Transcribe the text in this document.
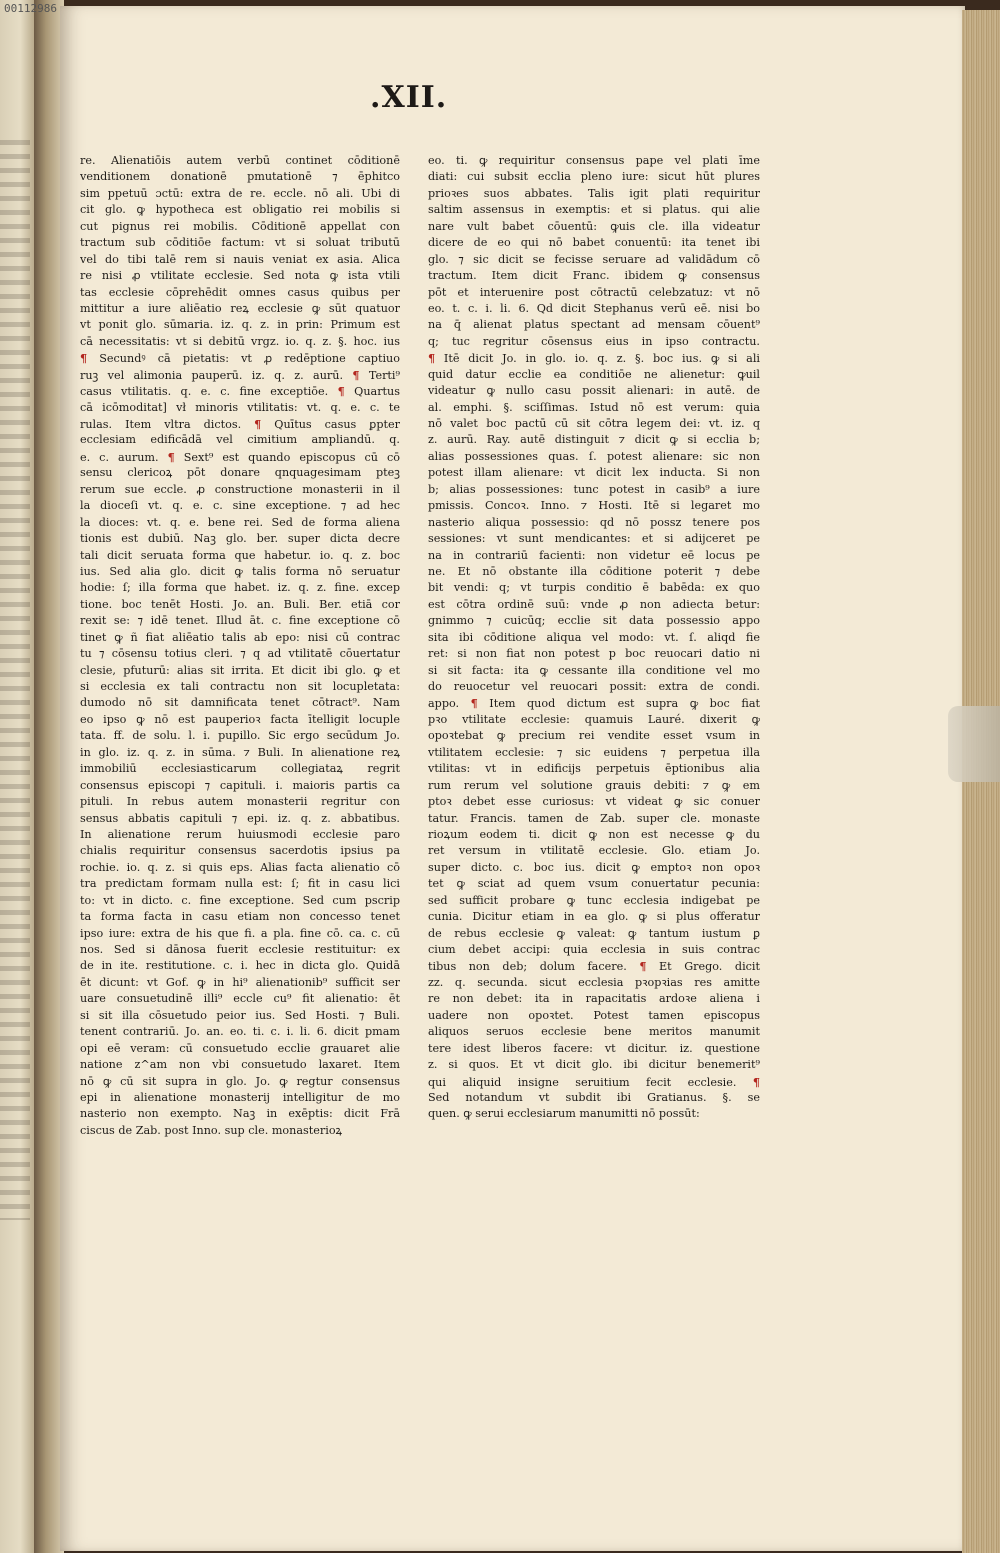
00112986
.XII.
re. Alienatiōis autem verbū continet cōditionē
venditionem donationē pmutationē ⁊ ēphitco
sim ppetuū ɔctū: extra de re. eccle. nō ali. Ubi di
cit glo. ꝙ hypotheca est obligatio rei mobilis si
cut pignus rei mobilis. Cōditionē appellat con
tractum sub cōditiōe factum: vt si soluat tributū
vel do tibi talē rem si nauis veniat ex asia. Alica
re nisi ꝓ vtilitate ecclesie. Sed nota ꝙ ista vtili
tas ecclesie cōprehēdit omnes casus quibus per
mittitur a iure aliēatio reꝝ ecclesie ꝙ sūt quatuor
vt ponit glo. sūmaria. iz. q. z. in prin: Primum est
cā necessitatis: vt si debitū vrgz. io. q. z. §. hoc. ius
¶ Secundꝰ cā pietatis: vt ꝓ redēptione captiuo
ruꝫ vel alimonia pauperū. iz. q. z. aurū. ¶ Terti⁹
casus vtilitatis. q. e. c. fine exceptiōe. ¶ Quartus
cā icōmoditat] vł minoris vtilitatis: vt. q. e. c. te
rulas. Item vltra dictos. ¶ Quītus casus ꝑpter
ecclesiam edificādā vel cimitium ampliandū. q.
e. c. aurum. ¶ Sext⁹ est quando episcopus cū cō
sensu clericoꝝ pōt donare qnquagesimam pteꝫ
rerum sue eccle. ꝓ constructione monasterii in il
la dioceſi vt. q. e. c. sine exceptione. ⁊ ad hec
la dioces: vt. q. e. bene rei. Sed de forma aliena
tionis est dubiū. Naꝫ glo. ber. super dicta decre
tali dicit seruata forma que habetur. io. q. z. boc
ius. Sed alia glo. dicit ꝙ talis forma nō seruatur
hodie: ſ; illa forma que habet. iz. q. z. fine. excep
tione. boc tenēt Hosti. Jo. an. Buli. Ber. etiā cor
rexit se: ⁊ idē tenet. Illud āt. c. fine exceptione cō
tinet ꝙ ñ fiat aliēatio talis ab epo: nisi cū contrac
tu ⁊ cōsensu totius cleri. ⁊ q ad vtilitatē cōuertatur
clesie, pfuturū: alias sit irrita. Et dicit ibi glo. ꝙ et
si ecclesia ex tali contractu non sit locupletata:
dumodo nō sit damnificata tenet cōtract⁹. Nam
eo ipso ꝙ nō est pauperioꝛ facta ītelligit locuple
tata. ff. de solu. l. i. pupillo. Sic ergo secūdum Jo.
in glo. iz. q. z. in sūma. ⁊ Buli. In alienatione reꝝ
immobiliū ecclesiasticarum collegiataꝝ regrit
consensus episcopi ⁊ capituli. i. maioris partis ca
pituli. In rebus autem monasterii regritur con
sensus abbatis capituli ⁊ epi. iz. q. z. abbatibus.
In alienatione rerum huiusmodi ecclesie paro
chialis requiritur consensus sacerdotis ipsius pa
rochie. io. q. z. si quis eps. Alias facta alienatio cō
tra predictam formam nulla est: ſ; fit in casu lici
to: vt in dicto. c. fine exceptione. Sed cum pscrip
ta forma facta in casu etiam non concesso tenet
ipso iure: extra de his que fi. a pla. fine cō. ca. c. cū
nos. Sed si dānosa fuerit ecclesie restituitur: ex
de in ite. restitutione. c. i. hec in dicta glo. Quidā
ēt dicunt: vt Gof. ꝙ in hi⁹ alienationib⁹ sufficit ser
uare consuetudinē illi⁹ eccle cu⁹ fit alienatio: ēt
si sit illa cōsuetudo peior ius. Sed Hosti. ⁊ Buli.
tenent contrariū. Jo. an. eo. ti. c. i. li. 6. dicit pmam
opi eē veram: cū consuetudo ecclie grauaret alie
natione z^am non vbi consuetudo laxaret. Item
nō ꝙ cū sit supra in glo. Jo. ꝙ regtur consensus
epi in alienatione monasterij intelligitur de mo
nasterio non exempto. Naꝫ in exēptis: dicit Frā
ciscus de Zab. post Inno. sup cle. monasterioꝝ
eo. ti. ꝙ requiritur consensus pape vel plati īme
diati: cui subsit ecclia pleno iure: sicut hūt plures
prioꝛes suos abbates. Talis igit plati requiritur
saltim assensus in exemptis: et si platus. qui alie
nare vult babet cōuentū: ꝙuis cle. illa videatur
dicere de eo qui nō babet conuentū: ita tenet ibi
glo. ⁊ sic dicit se fecisse seruare ad validādum cō
tractum. Item dicit Franc. ibidem ꝙ consensus
pōt et interuenire post cōtractū celebzatuz: vt nō
eo. t. c. i. li. 6. Qd dicit Stephanus verū eē. nisi bo
na q̄ alienat platus spectant ad mensam cōuent⁹
q; tuc regritur cōsensus eius in ipso contractu.
¶ Itē dicit Jo. in glo. io. q. z. §. boc ius. ꝙ si ali
quid datur ecclie ea conditiōe ne alienetur: ꝙuil
videatur ꝙ nullo casu possit alienari: in autē. de
al. emphi. §. sciſſimas. Istud nō est verum: quia
nō valet boc pactū cū sit cōtra legem dei: vt. iz. q
z. aurū. Ray. autē distinguit ⁊ dicit ꝙ si ecclia b;
alias possessiones quas. ſ. potest alienare: sic non
potest illam alienare: vt dicit lex inducta. Si non
b; alias possessiones: tunc potest in casib⁹ a iure
pmissis. Concoꝛ. Inno. ⁊ Hosti. Itē si legaret mo
nasterio aliqua possessio: qd nō possz tenere pos
sessiones: vt sunt mendicantes: et si adijceret pe
na in contrariū facienti: non videtur eē locus pe
ne. Et nō obstante illa cōditione poterit ⁊ debe
bit vendi: q; vt turpis conditio ē babēda: ex quo
est cōtra ordinē suū: vnde ꝓ non adiecta betur:
gnimmo ⁊ cuicūq; ecclie sit data possessio appo
sita ibi cōditione aliqua vel modo: vt. ſ. aliqd fie
ret: si non fiat non potest p boc reuocari datio ni
si sit facta: ita ꝙ cessante illa conditione vel mo
do reuocetur vel reuocari possit: extra de condi.
appo. ¶ Item quod dictum est supra ꝙ boc fiat
pꝛo vtilitate ecclesie: quamuis Lauré. dixerit ꝙ
opoꝛtebat ꝙ precium rei vendite esset vsum in
vtilitatem ecclesie: ⁊ sic euidens ⁊ perpetua illa
vtilitas: vt in edificijs perpetuis ēptionibus alia
rum rerum vel solutione grauis debiti: ⁊ ꝙ em
ptoꝛ debet esse curiosus: vt videat ꝙ sic conuer
tatur. Francis. tamen de Zab. super cle. monaste
rioꝝum eodem ti. dicit ꝙ non est necesse ꝙ du
ret versum in vtilitatē ecclesie. Glo. etiam Jo.
super dicto. c. boc ius. dicit ꝙ emptoꝛ non opoꝛ
tet ꝙ sciat ad quem vsum conuertatur pecunia:
sed sufficit probare ꝙ tunc ecclesia indigebat pe
cunia. Dicitur etiam in ea glo. ꝙ si plus offeratur
de rebus ecclesie ꝙ valeat: ꝙ tantum iustum ꝑ
cium debet accipi: quia ecclesia in suis contrac
tibus non deb; dolum facere. ¶ Et Grego. dicit
zz. q. secunda. sicut ecclesia pꝛopꝛias res amitte
re non debet: ita in rapacitatis ardoꝛe aliena i
uadere non opoꝛtet. Potest tamen episcopus
aliquos seruos ecclesie bene meritos manumit
tere idest liberos facere: vt dicitur. iz. questione
z. si quos. Et vt dicit glo. ibi dicitur benemerit⁹
qui aliquid insigne seruitium fecit ecclesie. ¶
Sed notandum vt subdit ibi Gratianus. §. se
quen. ꝙ serui ecclesiarum manumitti nō possūt:
